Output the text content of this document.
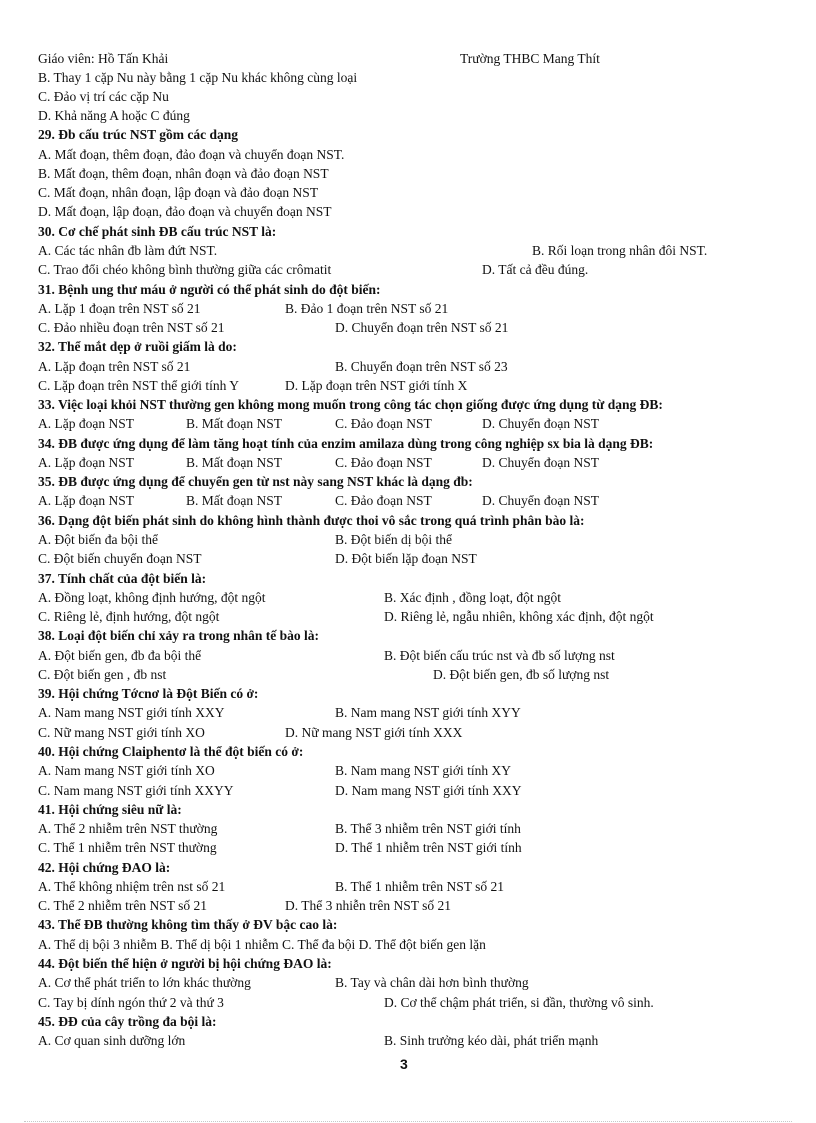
Giáo viên: Hồ Tấn Khải	Trường THBC Mang Thít
B. Thay 1 cặp Nu này bằng 1 cặp Nu khác không cùng loại
C. Đảo vị trí các cặp Nu
D. Khả năng A hoặc C đúng
29. Đb cấu trúc NST gồm các dạng
A. Mất đoạn, thêm đoạn, đảo đoạn và chuyển đoạn NST.
B. Mất đoạn, thêm đoạn, nhân đoạn và đảo đoạn NST
C. Mất đoạn, nhân đoạn, lập đoạn và đảo đoạn NST
D. Mất đoạn, lập đoạn, đảo đoạn và chuyển đoạn NST
30. Cơ chế phát sinh ĐB cấu trúc NST là:
A. Các tác nhân đb làm đứt NST.	B. Rối loạn trong nhân đôi NST.
C. Trao đổi chéo không bình thường giữa các crômatit	D. Tất cả đều đúng.
31. Bệnh ung thư máu ở người có thể phát sinh do đột biến:
A. Lặp 1 đoạn trên NST số 21	B. Đảo 1 đoạn trên NST số 21
C. Đảo nhiều đoạn trên NST số 21	D. Chuyển đoạn trên NST số 21
32. Thể mắt dẹp ở ruồi giấm là do:
A. Lặp đoạn trên NST số 21	B. Chuyển đoạn trên NST số 23
C. Lặp đoạn trên NST thể giới tính Y	D. Lặp đoạn trên NST giới tính X
33. Việc loại khỏi NST thường gen không mong muốn trong công tác chọn giống được ứng dụng từ dạng ĐB:
A. Lặp đoạn NST	B. Mất đoạn NST	C. Đảo đoạn NST	D. Chuyển đoạn NST
34. ĐB được ứng dụng để làm tăng hoạt tính của enzim amilaza dùng trong công nghiệp sx bia là dạng ĐB:
A. Lặp đoạn NST	B. Mất đoạn NST	C. Đảo đoạn NST	D. Chuyển đoạn NST
35. ĐB được ứng dụng để chuyển gen từ nst này sang NST khác là dạng đb:
A. Lặp đoạn NST	B. Mất đoạn NST	C. Đảo đoạn NST	D. Chuyển đoạn NST
36. Dạng đột biến phát sinh do không hình thành được thoi vô sắc trong quá trình phân bào là:
A. Đột biến đa bội thể	B. Đột biến dị bội thể
C. Đột biến chuyển đoạn NST	D. Đột biến lặp đoạn NST
37. Tính chất của đột biến là:
A. Đồng loạt, không định hướng, đột ngột	B. Xác định , đồng loạt, đột ngột
C. Riêng lẻ, định hướng, đột ngột	D. Riêng lẻ, ngẫu nhiên, không xác định, đột ngột
38. Loại đột biến chỉ xảy ra trong nhân tế bào là:
A. Đột biến gen, đb đa bội thể	B. Đột biến cấu trúc nst và đb số lượng nst
C. Đột biến gen , đb nst	D. Đột biến gen, đb số lượng nst
39. Hội chứng Tớcnơ là Đột Biến có ở:
A. Nam mang NST giới tính XXY	B. Nam mang NST giới tính XYY
C. Nữ mang NST giới tính XO	D. Nữ mang NST giới tính XXX
40. Hội chứng Claiphentơ là thể đột biến có ở:
A. Nam mang NST giới tính XO	B. Nam mang NST giới tính XY
C. Nam mang NST giới tính XXYY	D. Nam mang NST giới tính XXY
41. Hội chứng siêu nữ là:
A. Thể 2 nhiễm trên NST thường	B. Thể 3 nhiễm trên NST giới tính
C. Thể 1 nhiễm trên NST thường	D. Thể 1 nhiễm trên NST giới tính
42. Hội chứng ĐAO là:
A. Thể không nhiệm trên nst số 21	B. Thể 1 nhiễm trên NST số 21
C. Thể 2 nhiễm trên NST số 21	D. Thể 3 nhiễn trên NST số 21
43. Thể ĐB thường không tìm thấy ở ĐV bậc cao là:
A. Thể dị bội 3 nhiễm B. Thể dị bội 1 nhiễm C. Thể đa bội D. Thể đột biến gen lặn
44. Đột biến thể hiện ở người bị hội chứng ĐAO là:
A. Cơ thể phát triển to lớn khác thường	B. Tay và chân dài hơn bình thường
C. Tay bị dính ngón thứ 2 và thứ 3	D. Cơ thể chậm phát triển, si đần, thường vô sinh.
45. ĐĐ của cây trồng đa bội là:
A. Cơ quan sinh dưỡng lớn	B. Sinh trưởng kéo dài, phát triển mạnh
3
